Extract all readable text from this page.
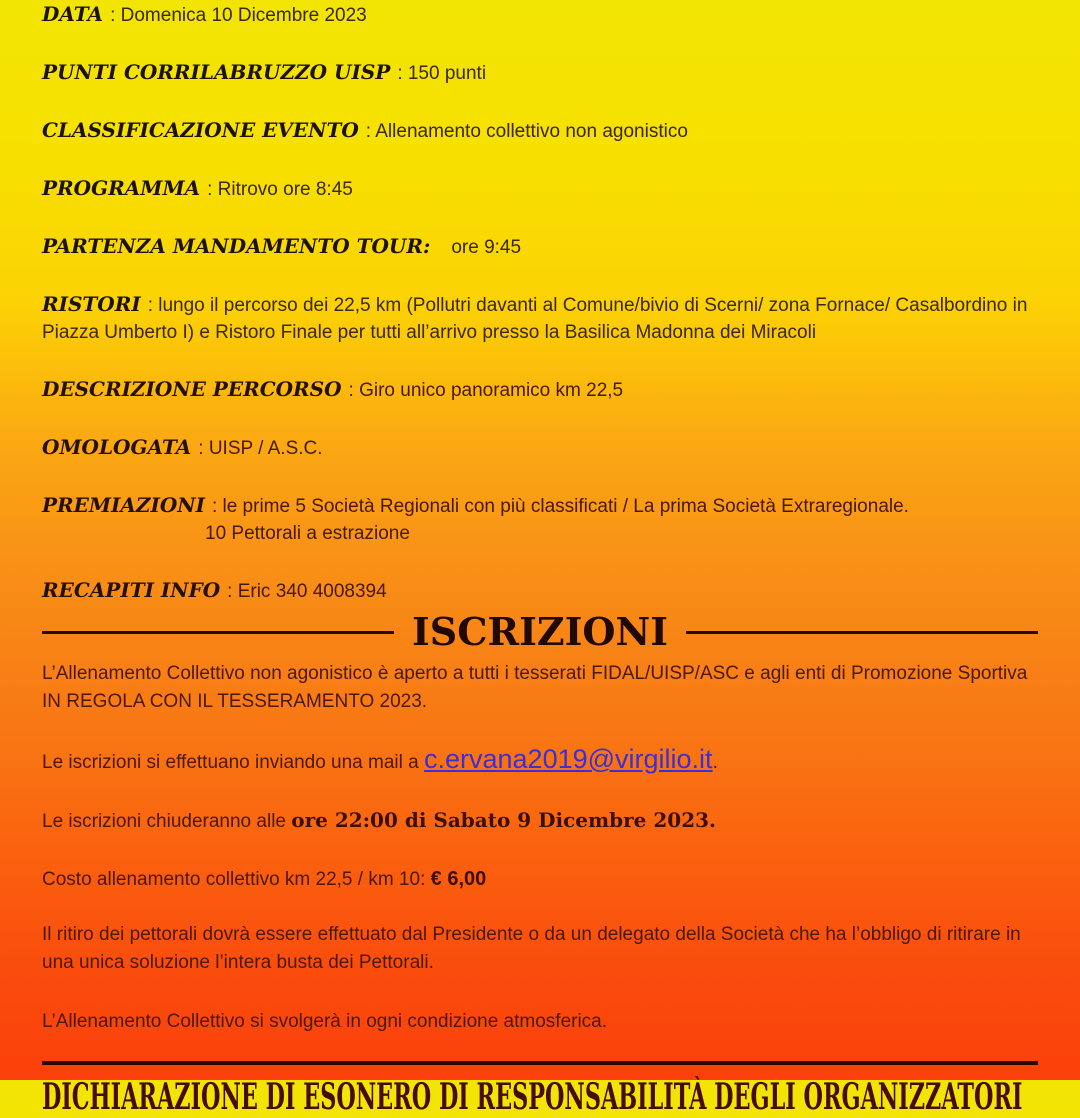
DATA : Domenica 10 Dicembre 2023
PUNTI CORRILABRUZZO UISP : 150 punti
CLASSIFICAZIONE EVENTO : Allenamento collettivo non agonistico
PROGRAMMA : Ritrovo ore 8:45
PARTENZA MANDAMENTO TOUR: ore 9:45
RISTORI : lungo il percorso dei 22,5 km (Pollutri davanti al Comune/bivio di Scerni/ zona Fornace/ Casalbordino in Piazza Umberto I) e Ristoro Finale per tutti all’arrivo presso la Basilica Madonna dei Miracoli
DESCRIZIONE PERCORSO : Giro unico panoramico km 22,5
OMOLOGATA : UISP / A.S.C.
PREMIAZIONI : le prime 5 Società Regionali con più classificati / La prima Società Extraregionale.
10 Pettorali a estrazione
RECAPITI INFO : Eric 340 4008394
ISCRIZIONI
L’Allenamento Collettivo non agonistico è aperto a tutti i tesserati FIDAL/UISP/ASC e agli enti di Promozione Sportiva IN REGOLA CON IL TESSERAMENTO 2023.
Le iscrizioni si effettuano inviando una mail a c.ervana2019@virgilio.it.
Le iscrizioni chiuderanno alle ore 22:00 di Sabato 9 Dicembre 2023.
Costo allenamento collettivo km 22,5 / km 10: € 6,00
Il ritiro dei pettorali dovrà essere effettuato dal Presidente o da un delegato della Società che ha l’obbligo di ritirare in una unica soluzione l’intera busta dei Pettorali.
L’Allenamento Collettivo si svolgerà in ogni condizione atmosferica.
DICHIARAZIONE DI ESONERO DI RESPONSABILITÀ DEGLI ORGANIZZATORI
